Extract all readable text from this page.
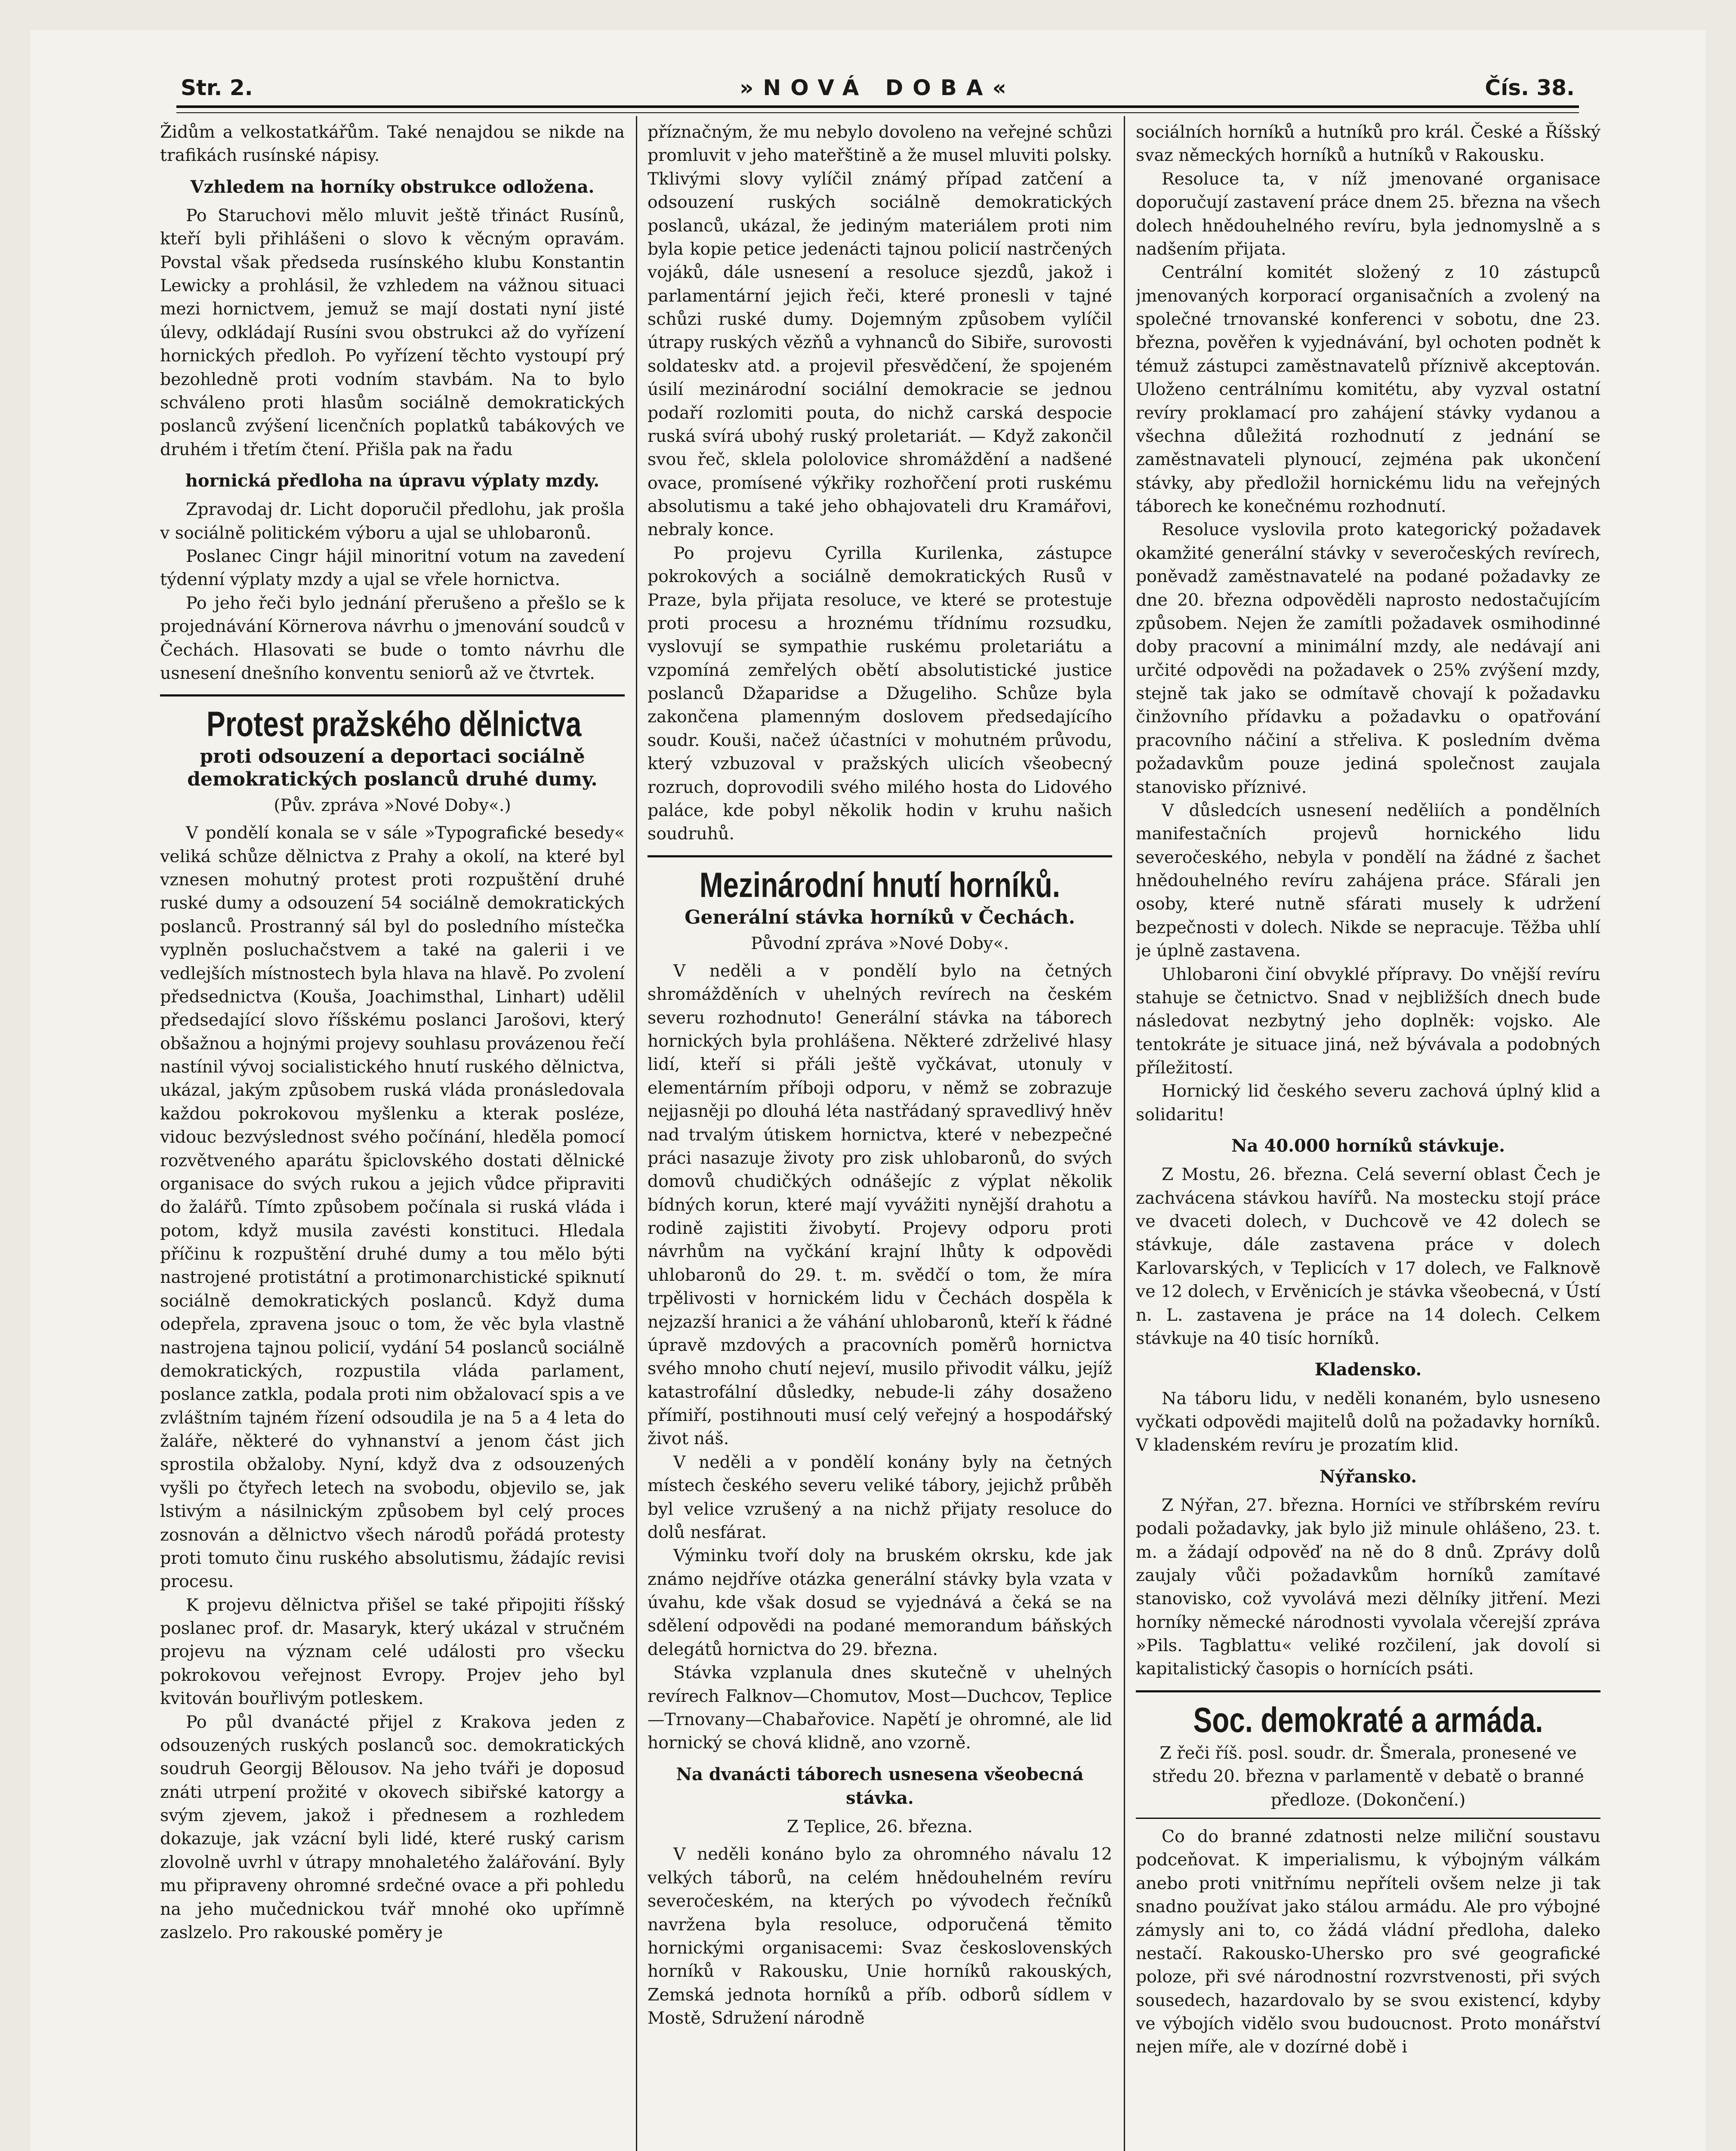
Str. 2.	»NOVÁ DOBA«	Čís. 38.

Židům a velkostatkářům. Také nenajdou se nikde na trafikách rusínské nápisy.

Vzhledem na horníky obstrukce odložena.

Po Staruchovi mělo mluvit ještě třináct Rusínů, kteří byli přihlášeni o slovo k věcným opravám. Povstal však předseda rusínského klubu Konstantin Lewicky a prohlásil, že vzhledem na vážnou situaci mezi hornictvem, jemuž se mají dostati nyní jisté úlevy, odkládají Rusíni svou obstrukci až do vyřízení hornických předloh. Po vyřízení těchto vystoupí prý bezohledně proti vodním stavbám. Na to bylo schváleno proti hlasům sociálně demokratických poslanců zvýšení licenčních poplatků tabákových ve druhém i třetím čtení. Přišla pak na řadu

hornická předloha na úpravu výplaty mzdy.

Zpravodaj dr. Licht doporučil předlohu, jak prošla v sociálně politickém výboru a ujal se uhlobaronů.

Poslanec Cingr hájil minoritní votum na zavedení týdenní výplaty mzdy a ujal se vřele hornictva.

Po jeho řeči bylo jednání přerušeno a přešlo se k projednávání Körnerova návrhu o jmenování soudců v Čechách. Hlasovati se bude o tomto návrhu dle usnesení dnešního konventu seniorů až ve čtvrtek.

Protest pražského dělnictva
proti odsouzení a deportaci sociálně demokratických poslanců druhé dumy.
(Pův. zpráva »Nové Doby«.)

V pondělí konala se v sále »Typografické besedy« veliká schůze dělnictva z Prahy a okolí, na které byl vznesen mohutný protest proti rozpuštění druhé ruské dumy a odsouzení 54 sociálně demokratických poslanců. Prostranný sál byl do posledního místečka vyplněn posluchačstvem a také na galerii i ve vedlejších místnostech byla hlava na hlavě. Po zvolení předsednictva (Kouša, Joachimsthal, Linhart) udělil předsedající slovo říšskému poslanci Jarošovi, který obšažnou a hojnými projevy souhlasu provázenou řečí nastínil vývoj socialistického hnutí ruského dělnictva, ukázal, jakým způsobem ruská vláda pronásledovala každou pokrokovou myšlenku a kterak posléze, vidouc bezvýslednost svého počínání, hleděla pomocí rozvětveného aparátu špiclovského dostati dělnické organisace do svých rukou a jejich vůdce připraviti do žalářů. Tímto způsobem počínala si ruská vláda i potom, když musila zavésti konstituci. Hledala příčinu k rozpuštění druhé dumy a tou mělo býti nastrojené protistátní a protimonarchistické spiknutí sociálně demokratických poslanců. Když duma odepřela, zpravena jsouc o tom, že věc byla vlastně nastrojena tajnou policií, vydání 54 poslanců sociálně demokratických, rozpustila vláda parlament, poslance zatkla, podala proti nim obžalovací spis a ve zvláštním tajném řízení odsoudila je na 5 a 4 leta do žaláře, některé do vyhnanství a jenom část jich sprostila obžaloby. Nyní, když dva z odsouzených vyšli po čtyřech letech na svobodu, objevilo se, jak lstivým a násilnickým způsobem byl celý proces zosnován a dělnictvo všech národů pořádá protesty proti tomuto činu ruského absolutismu, žádajíc revisi procesu.

K projevu dělnictva přišel se také připojiti říšský poslanec prof. dr. Masaryk, který ukázal v stručném projevu na význam celé události pro všecku pokrokovou veřejnost Evropy. Projev jeho byl kvitován bouřlivým potleskem.

Po půl dvanácté přijel z Krakova jeden z odsouzených ruských poslanců soc. demokratických soudruh Georgij Bělousov. Na jeho tváři je doposud znáti utrpení prožité v okovech sibiřské katorgy a svým zjevem, jakož i přednesem a rozhledem dokazuje, jak vzácní byli lidé, které ruský carism zlovolně uvrhl v útrapy mnohaletého žalářování. Byly mu připraveny ohromné srdečné ovace a při pohledu na jeho mučednickou tvář mnohé oko upřímně zaslzelo. Pro rakouské poměry je

příznačným, že mu nebylo dovoleno na veřejné schůzi promluvit v jeho mateřštině a že musel mluviti polsky. Tklivými slovy vylíčil známý případ zatčení a odsouzení ruských sociálně demokratických poslanců, ukázal, že jediným materiálem proti nim byla kopie petice jedenácti tajnou policií nastrčených vojáků, dále usnesení a resoluce sjezdů, jakož i parlamentární jejich řeči, které pronesli v tajné schůzi ruské dumy. Dojemným způsobem vylíčil útrapy ruských vězňů a vyhnanců do Sibiře, surovosti soldateskv atd. a projevil přesvědčení, že spojeném úsilí mezinárodní sociální demokracie se jednou podaří rozlomiti pouta, do nichž carská despocie ruská svírá ubohý ruský proletariát. — Když zakončil svou řeč, sklela pololovice shromáždění a nadšené ovace, promísené výkřiky rozhořčení proti ruskému absolutismu a také jeho obhajovateli dru Kramářovi, nebraly konce.

Po projevu Cyrilla Kurilenka, zástupce pokrokových a sociálně demokratických Rusů v Praze, byla přijata resoluce, ve které se protestuje proti procesu a hroznému třídnímu rozsudku, vyslovují se sympathie ruskému proletariátu a vzpomíná zemřelých obětí absolutistické justice poslanců Džaparidse a Džugeliho. Schůze byla zakončena plamenným doslovem předsedajícího soudr. Kouši, načež účastníci v mohutném průvodu, který vzbuzoval v pražských ulicích všeobecný rozruch, doprovodili svého milého hosta do Lidového paláce, kde pobyl několik hodin v kruhu našich soudruhů.

Mezinárodní hnutí horníků.
Generální stávka horníků v Čechách.
Původní zpráva »Nové Doby«.

V neděli a v pondělí bylo na četných shromážděních v uhelných revírech na českém severu rozhodnuto! Generální stávka na táborech hornických byla prohlášena. Některé zdrželivé hlasy lidí, kteří si přáli ještě vyčkávat, utonuly v elementárním příboji odporu, v němž se zobrazuje nejjasněji po dlouhá léta nastřádaný spravedlivý hněv nad trvalým útiskem hornictva, které v nebezpečné práci nasazuje životy pro zisk uhlobaronů, do svých domovů chudičkých odnášejíc z výplat několik bídných korun, které mají vyvážiti nynější drahotu a rodině zajistiti živobytí. Projevy odporu proti návrhům na vyčkání krajní lhůty k odpovědi uhlobaronů do 29. t. m. svědčí o tom, že míra trpělivosti v hornickém lidu v Čechách dospěla k nejzazší hranici a že váhání uhlobaronů, kteří k řádné úpravě mzdových a pracovních poměrů hornictva svého mnoho chutí nejeví, musilo přivodit válku, jejíž katastrofální důsledky, nebude-li záhy dosaženo přímiří, postihnouti musí celý veřejný a hospodářský život náš.

V neděli a v pondělí konány byly na četných místech českého severu veliké tábory, jejichž průběh byl velice vzrušený a na nichž přijaty resoluce do dolů nesfárat.

Výminku tvoří doly na bruském okrsku, kde jak známo nejdříve otázka generální stávky byla vzata v úvahu, kde však dosud se vyjednává a čeká se na sdělení odpovědi na podané memorandum báňských delegátů hornictva do 29. března.

Stávka vzplanula dnes skutečně v uhelných revírech Falknov—Chomutov, Most—Duchcov, Teplice—Trnovany—Chabařovice. Napětí je ohromné, ale lid hornický se chová klidně, ano vzorně.

Na dvanácti táborech usnesena všeobecná stávka.
Z Teplice, 26. března.

V neděli konáno bylo za ohromného návalu 12 velkých táborů, na celém hnědouhelném revíru severočeském, na kterých po vývodech řečníků navržena byla resoluce, odporučená těmito hornickými organisacemi: Svaz československých horníků v Rakousku, Unie horníků rakouských, Zemská jednota horníků a příb. odborů sídlem v Mostě, Sdružení národně

sociálních horníků a hutníků pro král. České a Říšský svaz německých horníků a hutníků v Rakousku.

Resoluce ta, v níž jmenované organisace doporučují zastavení práce dnem 25. března na všech dolech hnědouhelného revíru, byla jednomyslně a s nadšením přijata.

Centrální komitét složený z 10 zástupců jmenovaných korporací organisačních a zvolený na společné trnovanské konferenci v sobotu, dne 23. března, pověřen k vyjednávání, byl ochoten podnět k témuž zástupci zaměstnavatelů příznivě akceptován. Uloženo centrálnímu komitétu, aby vyzval ostatní revíry proklamací pro zahájení stávky vydanou a všechna důležitá rozhodnutí z jednání se zaměstnavateli plynoucí, zejména pak ukončení stávky, aby předložil hornickému lidu na veřejných táborech ke konečnému rozhodnutí.

Resoluce vyslovila proto kategorický požadavek okamžité generální stávky v severočeských revírech, poněvadž zaměstnavatelé na podané požadavky ze dne 20. března odpověděli naprosto nedostačujícím způsobem. Nejen že zamítli požadavek osmihodinné doby pracovní a minimální mzdy, ale nedávají ani určité odpovědi na požadavek o 25% zvýšení mzdy, stejně tak jako se odmítavě chovají k požadavku činžovního přídavku a požadavku o opatřování pracovního náčiní a střeliva. K posledním dvěma požadavkům pouze jediná společnost zaujala stanovisko příznivé.

V důsledcích usnesení neděliích a pondělních manifestačních projevů hornického lidu severočeského, nebyla v pondělí na žádné z šachet hnědouhelného revíru zahájena práce. Sfárali jen osoby, které nutně sfárati musely k udržení bezpečnosti v dolech. Nikde se nepracuje. Těžba uhlí je úplně zastavena.

Uhlobaroni činí obvyklé přípravy. Do vnější revíru stahuje se četnictvo. Snad v nejbližších dnech bude následovat nezbytný jeho doplněk: vojsko. Ale tentokráte je situace jiná, než bývávala a podobných příležitostí.

Hornický lid českého severu zachová úplný klid a solidaritu!

Na 40.000 horníků stávkuje.

Z Mostu, 26. března. Celá severní oblast Čech je zachvácena stávkou havířů. Na mostecku stojí práce ve dvaceti dolech, v Duchcově ve 42 dolech se stávkuje, dále zastavena práce v dolech Karlovarských, v Teplicích v 17 dolech, ve Falknově ve 12 dolech, v Ervěnicích je stávka všeobecná, v Ústí n. L. zastavena je práce na 14 dolech. Celkem stávkuje na 40 tisíc horníků.

Kladensko.

Na táboru lidu, v neděli konaném, bylo usneseno vyčkati odpovědi majitelů dolů na požadavky horníků. V kladenském revíru je prozatím klid.

Nýřansko.

Z Nýřan, 27. března. Horníci ve stříbrském revíru podali požadavky, jak bylo již minule ohlášeno, 23. t. m. a žádají odpověď na ně do 8 dnů. Zprávy dolů zaujaly vůči požadavkům horníků zamítavé stanovisko, což vyvolává mezi dělníky jitření. Mezi horníky německé národnosti vyvolala včerejší zpráva »Pils. Tagblattu« veliké rozčilení, jak dovolí si kapitalistický časopis o hornících psáti.

Soc. demokraté a armáda.

Z řeči říš. posl. soudr. dr. Šmerala, pronesené ve středu 20. března v parlamentě v debatě o branné předloze. (Dokončení.)

Co do branné zdatnosti nelze miliční soustavu podceňovat. K imperialismu, k výbojným válkám anebo proti vnitřnímu nepříteli ovšem nelze ji tak snadno používat jako stálou armádu. Ale pro výbojné zámysly ani to, co žádá vládní předloha, daleko nestačí. Rakousko-Uhersko pro své geografické poloze, při své národnostní rozvrstvenosti, při svých sousedech, hazardovalo by se svou existencí, kdyby ve výbojích vidělo svou budoucnost. Proto monářství nejen míře, ale v dozírné době i
